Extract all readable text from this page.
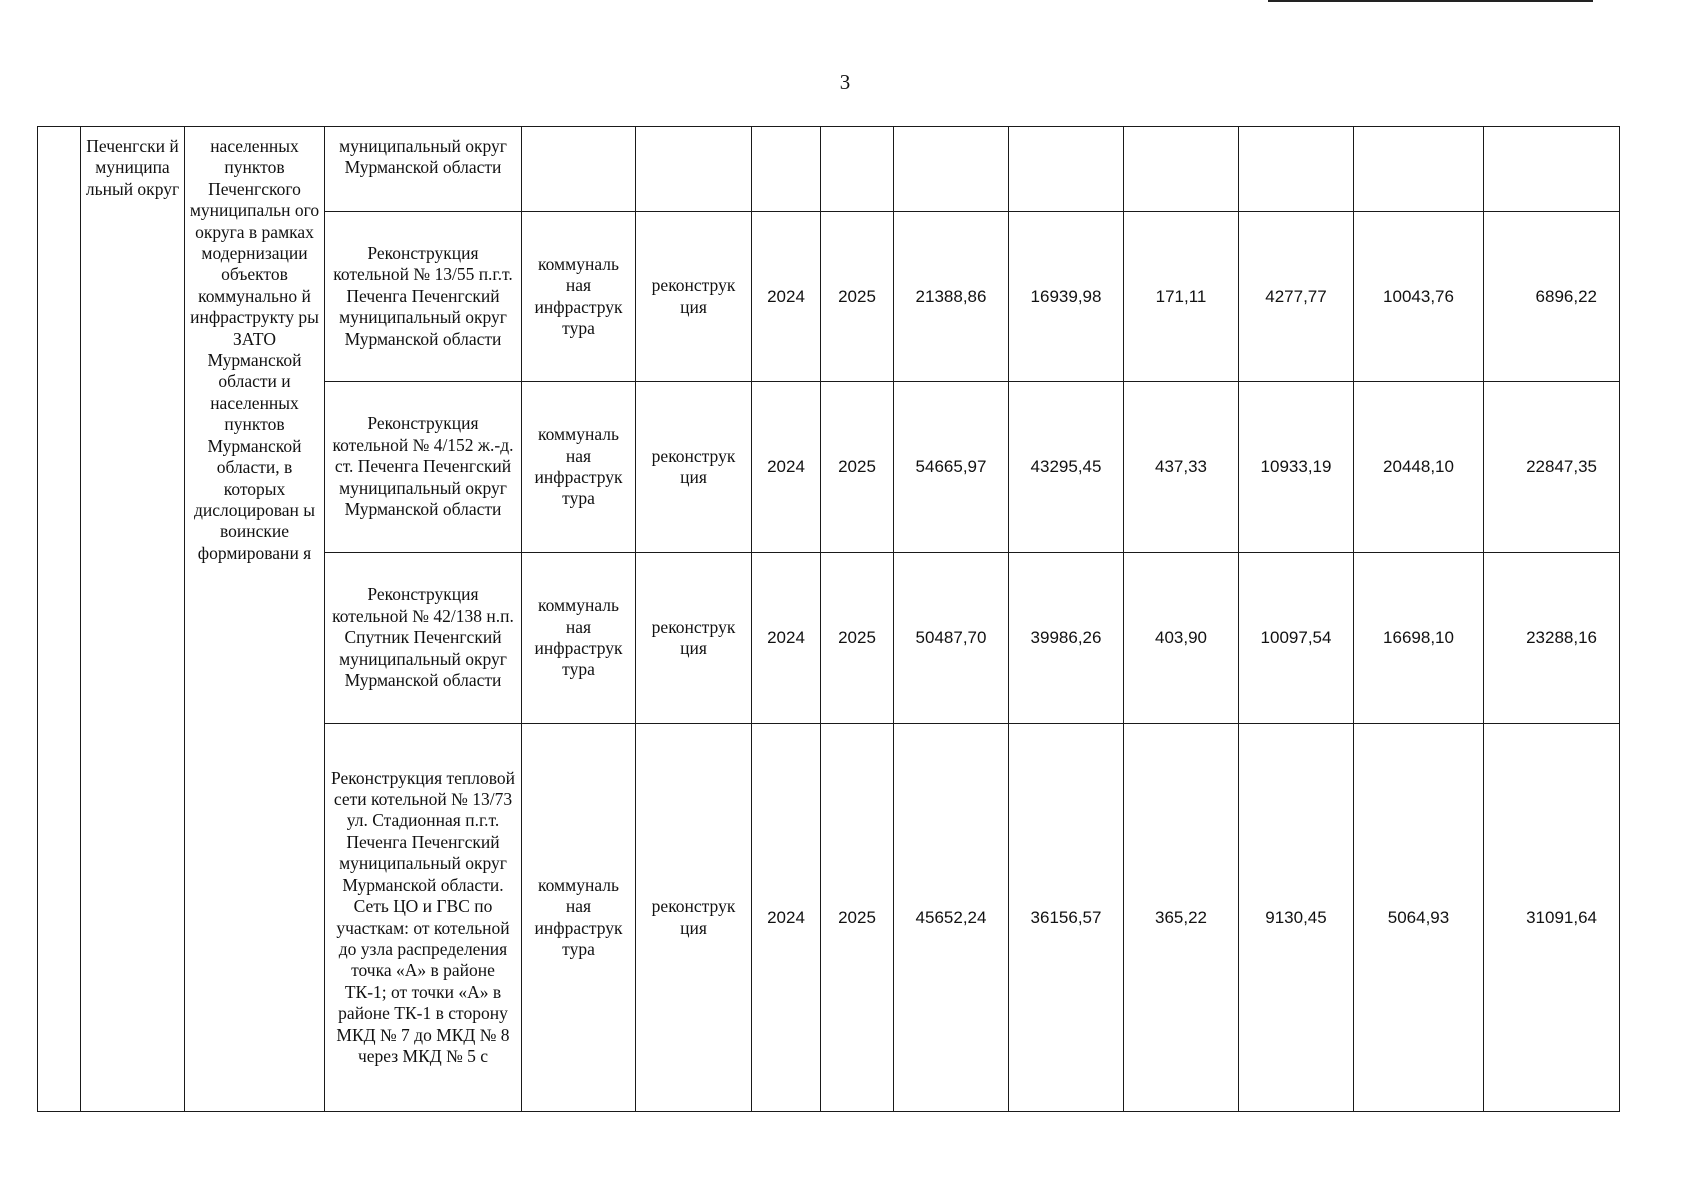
3
	Печенгски й муниципа льный округ	населенных пунктов Печенгского муниципальн ого округа в рамках модернизации объектов коммунально й инфраструкту ры ЗАТО Мурманской области и населенных пунктов Мурманской области, в которых дислоцирован ы воинские формировани я	муниципальный округ Мурманской области										
			Реконструкция котельной № 13/55 п.г.т. Печенга Печенгский муниципальный округ Мурманской области	коммуналь ная инфраструк тура	реконструк ция	2024	2025	21388,86	16939,98	171,11	4277,77	10043,76	6896,22
			Реконструкция котельной № 4/152 ж.-д. ст. Печенга Печенгский муниципальный округ Мурманской области	коммуналь ная инфраструк тура	реконструк ция	2024	2025	54665,97	43295,45	437,33	10933,19	20448,10	22847,35
			Реконструкция котельной № 42/138 н.п. Спутник Печенгский муниципальный округ Мурманской области	коммуналь ная инфраструк тура	реконструк ция	2024	2025	50487,70	39986,26	403,90	10097,54	16698,10	23288,16
			Реконструкция тепловой сети котельной № 13/73 ул. Стадионная п.г.т. Печенга Печенгский муниципальный округ Мурманской области. Сеть ЦО и ГВС по участкам: от котельной до узла распределения точка «А» в районе ТК-1; от точки «А» в районе ТК-1 в сторону МКД № 7 до МКД № 8 через МКД № 5 с	коммуналь ная инфраструк тура	реконструк ция	2024	2025	45652,24	36156,57	365,22	9130,45	5064,93	31091,64
